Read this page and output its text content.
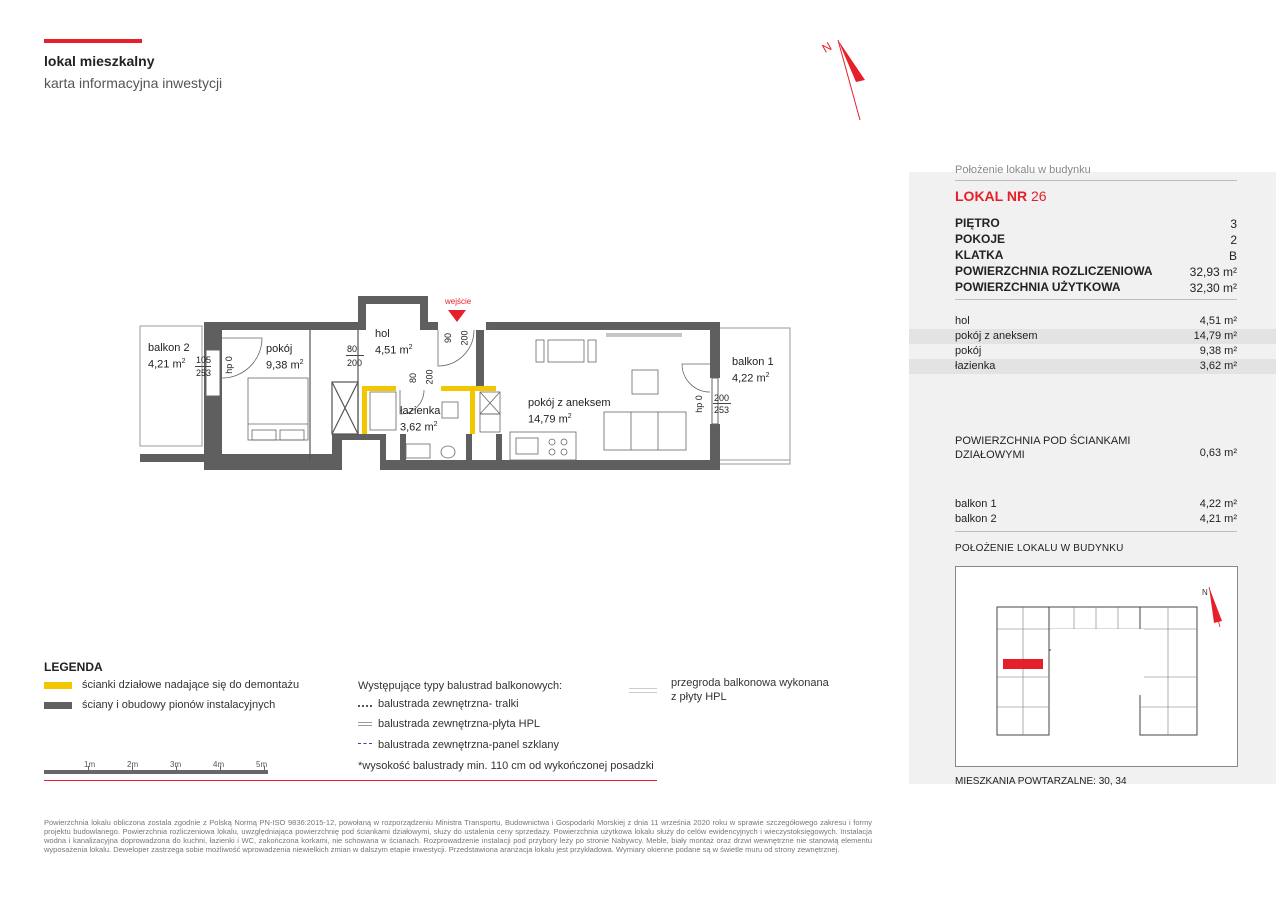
lokal mieszkalny
karta informacyjna inwestycji
N
wejście
balkon 2
4,21 $m^2$
pokój
9,38 $m^2$
hol
4,51 $m^2$
łazienka
3,62 $m^2$
pokój z aneksem
14,79 $m^2$
balkon 1
4,22 $m^2$
105
253 hp 0
80
200
90 200
80 200
hp 0 200
253
Położenie lokalu w budynku
LOKAL NR 26
PIĘTRO	3
POKOJE	2
KLATKA	B
POWIERZCHNIA ROZLICZENIOWA	32,93 m²
POWIERZCHNIA UŻYTKOWA	32,30 m²
hol	4,51 m²
pokój z aneksem	14,79 m²
pokój	9,38 m²
łazienka	3,62 m²
POWIERZCHNIA POD ŚCIANKAMI
DZIAŁOWYMI	0,63 m²
balkon 1	4,22 m²
balkon 2	4,21 m²
POŁOŻENIE LOKALU W BUDYNKU
N
MIESZKANIA POWTARZALNE: 30, 34
LEGENDA
ścianki działowe nadające się do demontażu
ściany i obudowy pionów instalacyjnych
Występujące typy balustrad balkonowych:
balustrada zewnętrzna- tralki
balustrada zewnętrzna-płyta HPL
balustrada zewnętrzna-panel szklany
*wysokość balustrady min. 110 cm od wykończonej posadzki
przegroda balkonowa wykonana
z płyty HPL
1m	2m	3m	4m	5m
Powierzchnia lokalu obliczona zostala zgodnie z Polską Normą PN-ISO 9836:2015-12, powołaną w rozporządzeniu Ministra Transportu, Budownictwa i Gospodarki Morskiej z dnia 11 września 2020 roku w sprawie szczegółowego zakresu i formy projektu budowlanego. Powierzchnia rozliczeniowa lokalu, uwzględniająca powierzchnię pod ściankami działowymi, służy do ustalenia ceny sprzedaży. Powierzchnia użytkowa lokalu służy do celów ewidencyjnych i wieczystoksięgowych. Instalacja wodna i kanalizacyjna doprowadzona do kuchni, łazienki i WC, zakończona korkami, nie schowana w ścianach. Rozprowadzenie instalacji pod przybory leży po stronie Nabywcy. Meble, biały montaż oraz drzwi wewnętrzne nie stanowią elementu wyposażenia lokalu. Deweloper zastrzega sobie możliwość wprowadzenia niewielkich zmian w dalszym etapie inwestycji. Przedstawiona aranżacja lokalu jest przykładowa. Wymiary okienne podane są w świetle muru od strony zewnętrznej.
